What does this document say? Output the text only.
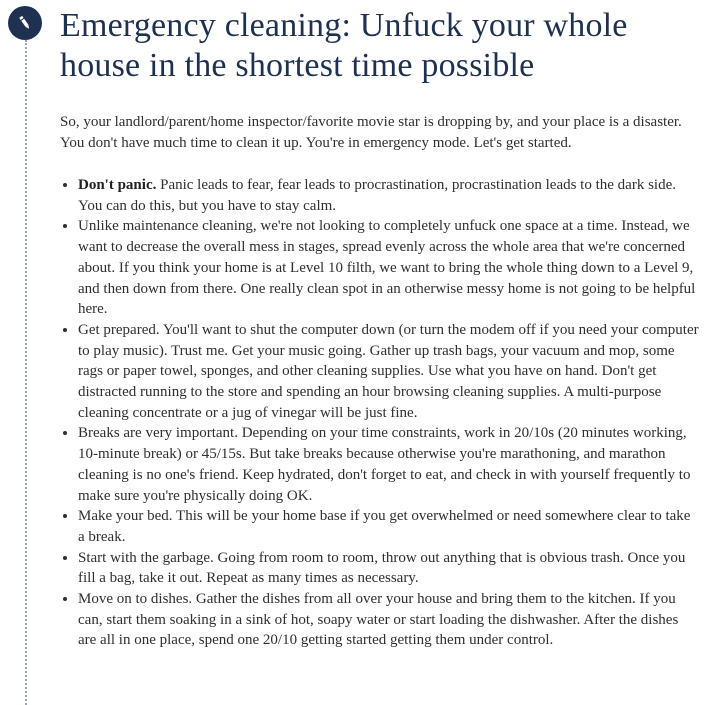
Emergency cleaning: Unfuck your whole house in the shortest time possible

So, your landlord/parent/home inspector/favorite movie star is dropping by, and your place is a disaster. You don't have much time to clean it up. You're in emergency mode. Let's get started.

• Don't panic. Panic leads to fear, fear leads to procrastination, procrastination leads to the dark side. You can do this, but you have to stay calm.
• Unlike maintenance cleaning, we're not looking to completely unfuck one space at a time. Instead, we want to decrease the overall mess in stages, spread evenly across the whole area that we're concerned about. If you think your home is at Level 10 filth, we want to bring the whole thing down to a Level 9, and then down from there. One really clean spot in an otherwise messy home is not going to be helpful here.
• Get prepared. You'll want to shut the computer down (or turn the modem off if you need your computer to play music). Trust me. Get your music going. Gather up trash bags, your vacuum and mop, some rags or paper towel, sponges, and other cleaning supplies. Use what you have on hand. Don't get distracted running to the store and spending an hour browsing cleaning supplies. A multi-purpose cleaning concentrate or a jug of vinegar will be just fine.
• Breaks are very important. Depending on your time constraints, work in 20/10s (20 minutes working, 10-minute break) or 45/15s. But take breaks because otherwise you're marathoning, and marathon cleaning is no one's friend. Keep hydrated, don't forget to eat, and check in with yourself frequently to make sure you're physically doing OK.
• Make your bed. This will be your home base if you get overwhelmed or need somewhere clear to take a break.
• Start with the garbage. Going from room to room, throw out anything that is obvious trash. Once you fill a bag, take it out. Repeat as many times as necessary.
• Move on to dishes. Gather the dishes from all over your house and bring them to the kitchen. If you can, start them soaking in a sink of hot, soapy water or start loading the dishwasher. After the dishes are all in one place, spend one 20/10 getting started getting them under control.
